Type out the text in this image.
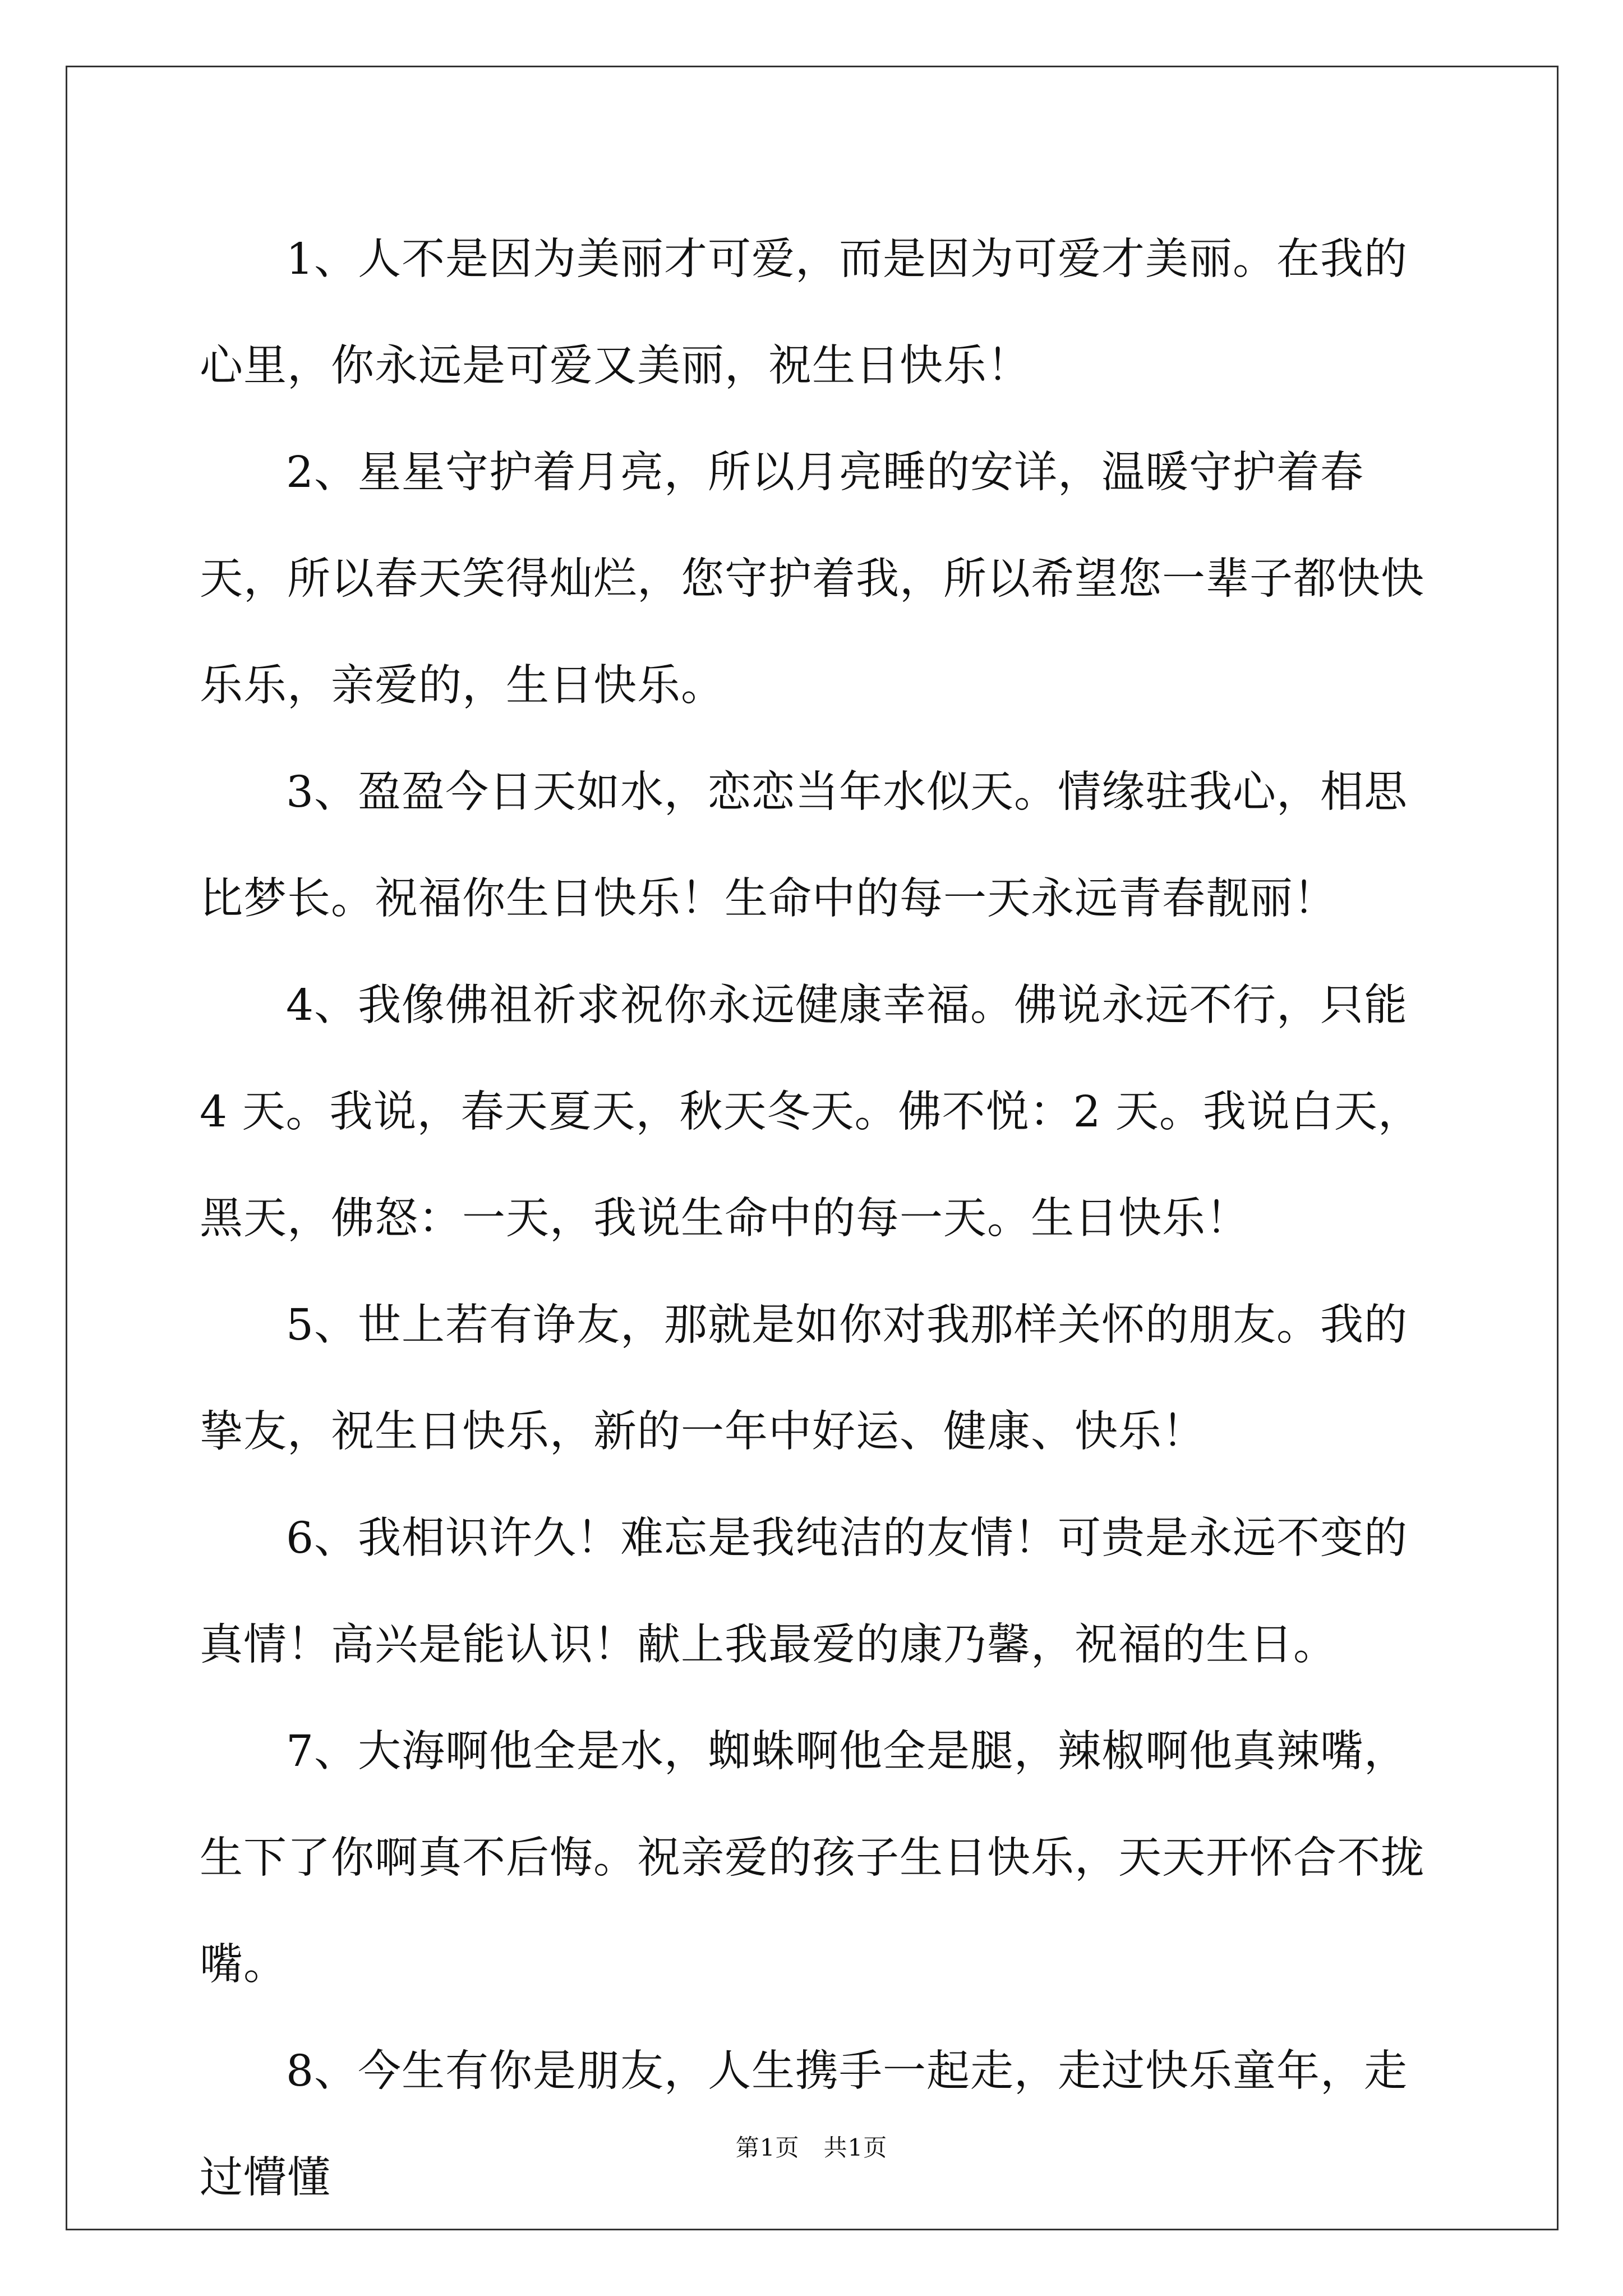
1、人不是因为美丽才可爱，而是因为可爱才美丽。在我的心里，你永远是可爱又美丽，祝生日快乐！

2、星星守护着月亮，所以月亮睡的安详，温暖守护着春天，所以春天笑得灿烂，您守护着我，所以希望您一辈子都快快乐乐，亲爱的，生日快乐。

3、盈盈今日天如水，恋恋当年水似天。情缘驻我心，相思比梦长。祝福你生日快乐！生命中的每一天永远青春靓丽！

4、我像佛祖祈求祝你永远健康幸福。佛说永远不行，只能 4 天。我说，春天夏天，秋天冬天。佛不悦：2 天。我说白天，黑天，佛怒：一天，我说生命中的每一天。生日快乐！

5、世上若有诤友，那就是如你对我那样关怀的朋友。我的挚友，祝生日快乐，新的一年中好运、健康、快乐！

6、我相识许久！难忘是我纯洁的友情！可贵是永远不变的真情！高兴是能认识！献上我最爱的康乃馨，祝福的生日。

7、大海啊他全是水，蜘蛛啊他全是腿，辣椒啊他真辣嘴，生下了你啊真不后悔。祝亲爱的孩子生日快乐，天天开怀合不拢嘴。

8、今生有你是朋友，人生携手一起走，走过快乐童年，走过懵懂

第1页　共1页
